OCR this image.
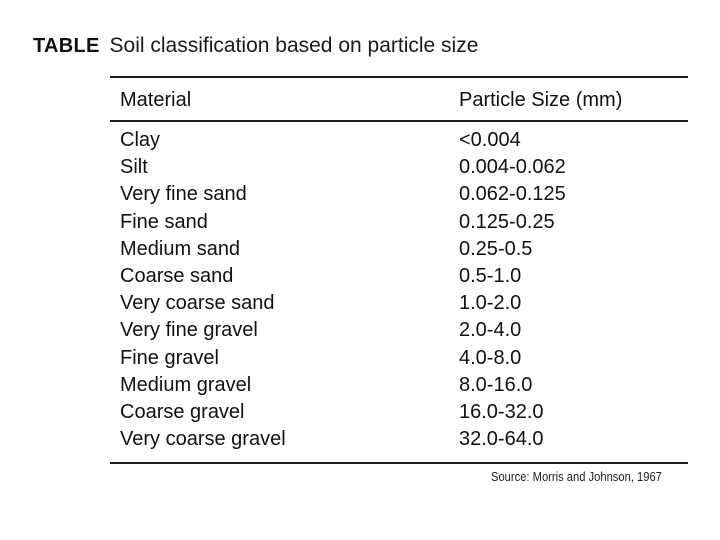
TABLE Soil classification based on particle size
Material	Particle Size (mm)
Clay	<0.004
Silt	0.004-0.062
Very fine sand	0.062-0.125
Fine sand	0.125-0.25
Medium sand	0.25-0.5
Coarse sand	0.5-1.0
Very coarse sand	1.0-2.0
Very fine gravel	2.0-4.0
Fine gravel	4.0-8.0
Medium gravel	8.0-16.0
Coarse gravel	16.0-32.0
Very coarse gravel	32.0-64.0
Source: Morris and Johnson, 1967
